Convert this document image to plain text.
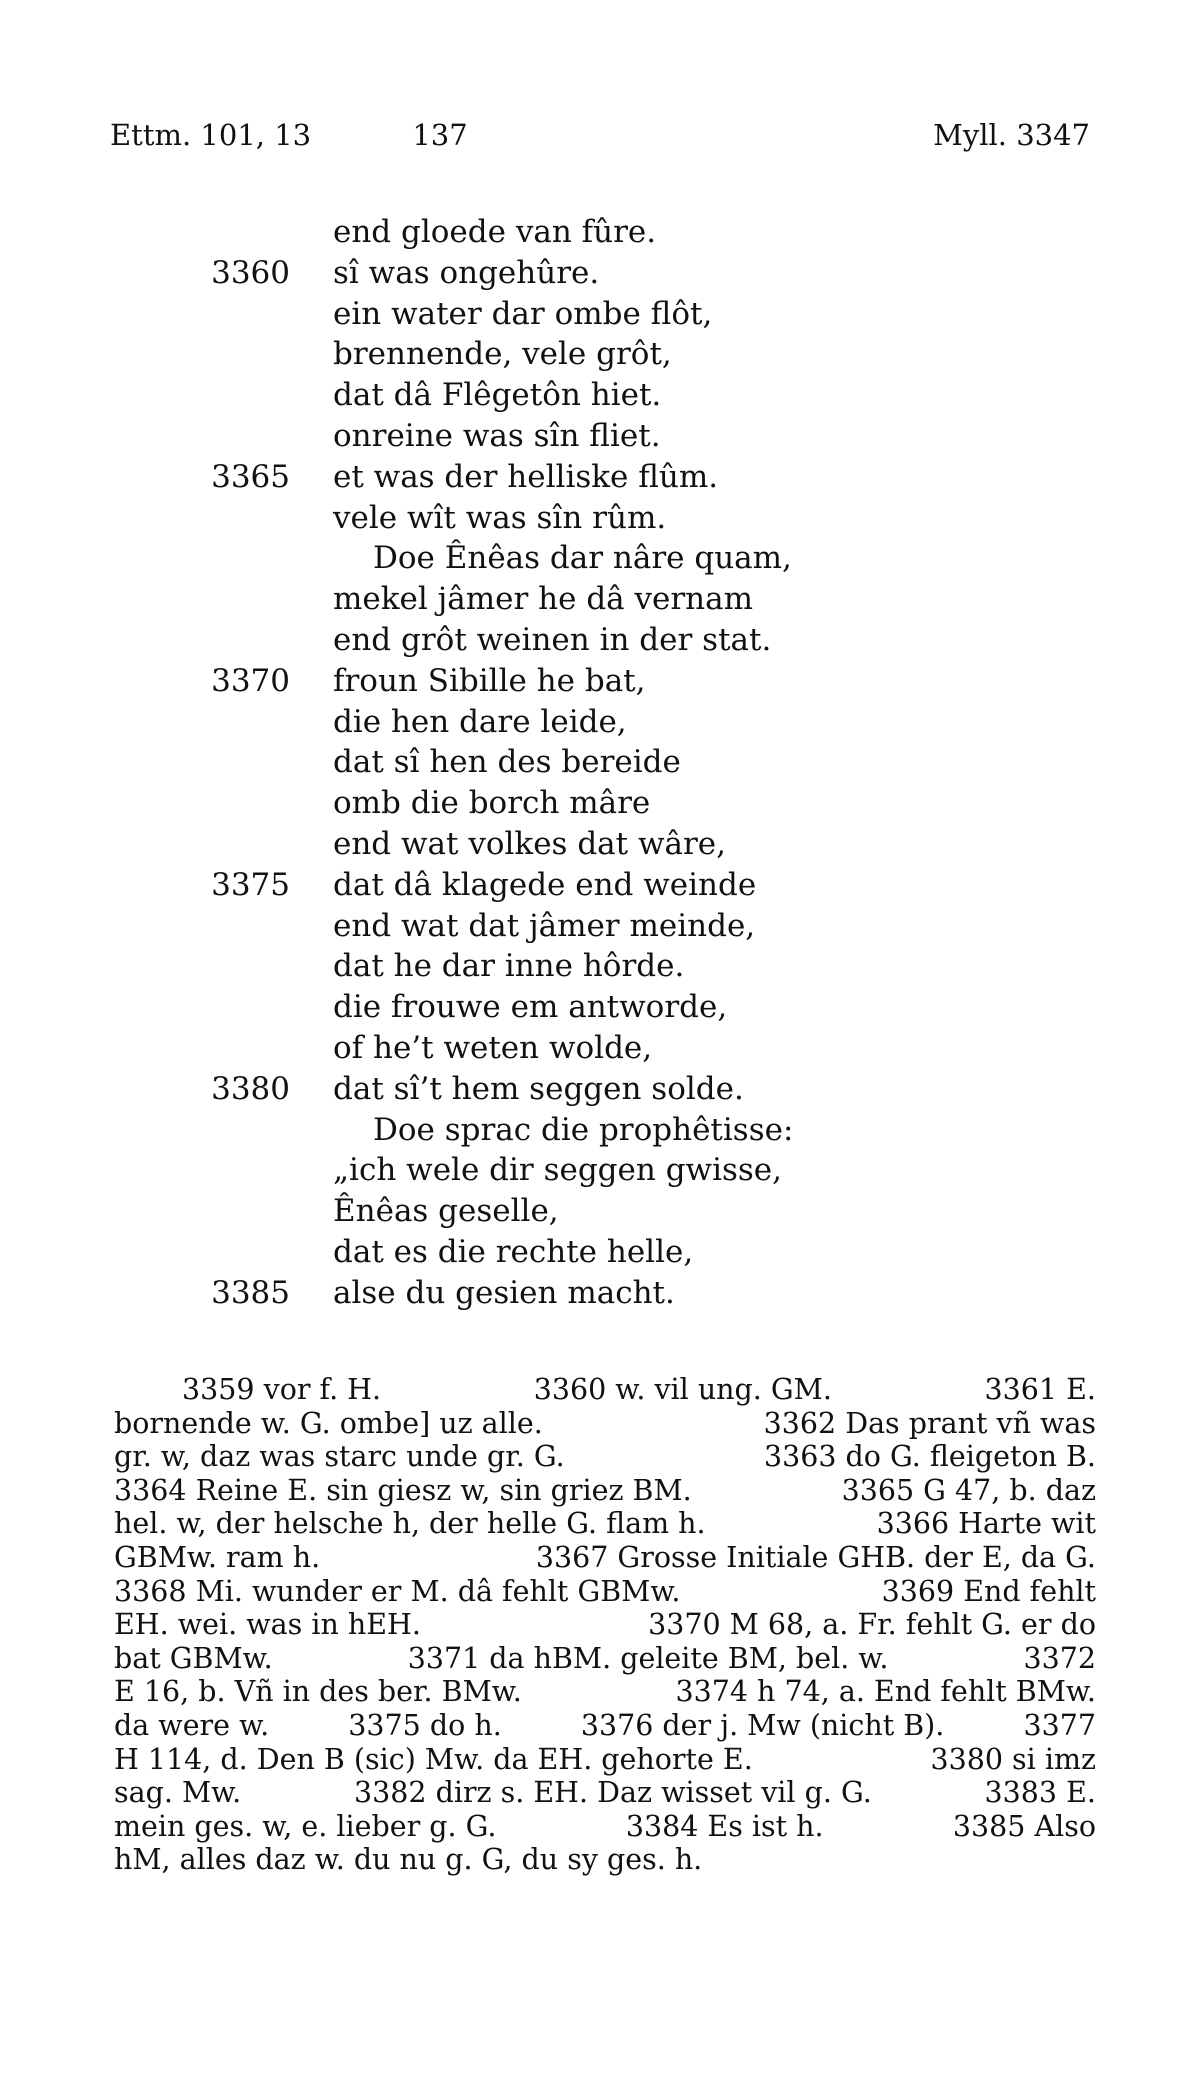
Ettm. 101, 13	137	Myll. 3347
end gloede van fûre.
3360 sî was ongehûre.
ein water dar ombe flôt,
brennende, vele grôt,
dat dâ Flêgetôn hiet.
onreine was sîn fliet.
3365 et was der helliske flûm.
vele wît was sîn rûm.
Doe Ênêas dar nâre quam,
mekel jâmer he dâ vernam
end grôt weinen in der stat.
3370 froun Sibille he bat,
die hen dare leide,
dat sî hen des bereide
omb die borch mâre
end wat volkes dat wâre,
3375 dat dâ klagede end weinde
end wat dat jâmer meinde,
dat he dar inne hôrde.
die frouwe em antworde,
of he’t weten wolde,
3380 dat sî’t hem seggen solde.
Doe sprac die prophêtisse:
„ich wele dir seggen gwisse,
Ênêas geselle,
dat es die rechte helle,
3385 alse du gesien macht.
3359 vor f. H.	3360 w. vil ung. GM.	3361 E.
bornende w. G. ombe] uz alle.	3362 Das prant vñ was
gr. w, daz was starc unde gr. G.	3363 do G. fleigeton B.
3364 Reine E. sin giesz w, sin griez BM.	3365 G 47, b. daz
hel. w, der helsche h, der helle G. flam h.	3366 Harte wit
GBMw. ram h.	3367 Grosse Initiale GHB. der E, da G.
3368 Mi. wunder er M. dâ fehlt GBMw.	3369 End fehlt
EH. wei. was in hEH.	3370 M 68, a. Fr. fehlt G. er do
bat GBMw.	3371 da hBM. geleite BM, bel. w.	3372
E 16, b. Vñ in des ber. BMw.	3374 h 74, a. End fehlt BMw.
da were w.	3375 do h.	3376 der j. Mw (nicht B).	3377
H 114, d. Den B (sic) Mw. da EH. gehorte E.	3380 si imz
sag. Mw.	3382 dirz s. EH. Daz wisset vil g. G.	3383 E.
mein ges. w, e. lieber g. G.	3384 Es ist h.	3385 Also
hM, alles daz w. du nu g. G, du sy ges. h.
